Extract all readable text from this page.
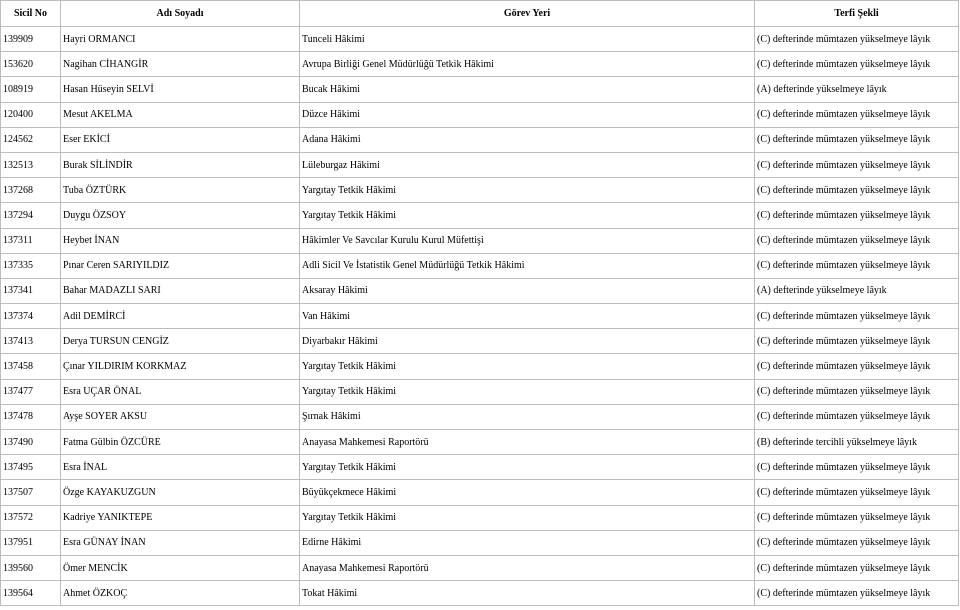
Sicil No	Adı Soyadı	Görev Yeri	Terfi Şekli
139909	Hayri ORMANCI	Tunceli Hâkimi	(C) defterinde mümtazen yükselmeye lâyık
153620	Nagihan CİHANGİR	Avrupa Birliği Genel Müdürlüğü Tetkik Hâkimi	(C) defterinde mümtazen yükselmeye lâyık
108919	Hasan Hüseyin SELVİ	Bucak Hâkimi	(A) defterinde yükselmeye lâyık
120400	Mesut AKELMA	Düzce Hâkimi	(C) defterinde mümtazen yükselmeye lâyık
124562	Eser EKİCİ	Adana Hâkimi	(C) defterinde mümtazen yükselmeye lâyık
132513	Burak SİLİNDİR	Lüleburgaz Hâkimi	(C) defterinde mümtazen yükselmeye lâyık
137268	Tuba ÖZTÜRK	Yargıtay Tetkik Hâkimi	(C) defterinde mümtazen yükselmeye lâyık
137294	Duygu ÖZSOY	Yargıtay Tetkik Hâkimi	(C) defterinde mümtazen yükselmeye lâyık
137311	Heybet İNAN	Hâkimler Ve Savcılar Kurulu Kurul Müfettişi	(C) defterinde mümtazen yükselmeye lâyık
137335	Pınar Ceren SARIYILDIZ	Adli Sicil Ve İstatistik Genel Müdürlüğü Tetkik Hâkimi	(C) defterinde mümtazen yükselmeye lâyık
137341	Bahar MADAZLI SARI	Aksaray Hâkimi	(A) defterinde yükselmeye lâyık
137374	Adil DEMİRCİ	Van Hâkimi	(C) defterinde mümtazen yükselmeye lâyık
137413	Derya TURSUN CENGİZ	Diyarbakır Hâkimi	(C) defterinde mümtazen yükselmeye lâyık
137458	Çınar YILDIRIM KORKMAZ	Yargıtay Tetkik Hâkimi	(C) defterinde mümtazen yükselmeye lâyık
137477	Esra UÇAR ÖNAL	Yargıtay Tetkik Hâkimi	(C) defterinde mümtazen yükselmeye lâyık
137478	Ayşe SOYER AKSU	Şırnak Hâkimi	(C) defterinde mümtazen yükselmeye lâyık
137490	Fatma Gülbin ÖZCÜRE	Anayasa Mahkemesi Raportörü	(B) defterinde tercihli yükselmeye lâyık
137495	Esra İNAL	Yargıtay Tetkik Hâkimi	(C) defterinde mümtazen yükselmeye lâyık
137507	Özge KAYAKUZGUN	Büyükçekmece Hâkimi	(C) defterinde mümtazen yükselmeye lâyık
137572	Kadriye YANIKTEPE	Yargıtay Tetkik Hâkimi	(C) defterinde mümtazen yükselmeye lâyık
137951	Esra GÜNAY İNAN	Edirne Hâkimi	(C) defterinde mümtazen yükselmeye lâyık
139560	Ömer MENCİK	Anayasa Mahkemesi Raportörü	(C) defterinde mümtazen yükselmeye lâyık
139564	Ahmet ÖZKOÇ	Tokat Hâkimi	(C) defterinde mümtazen yükselmeye lâyık
